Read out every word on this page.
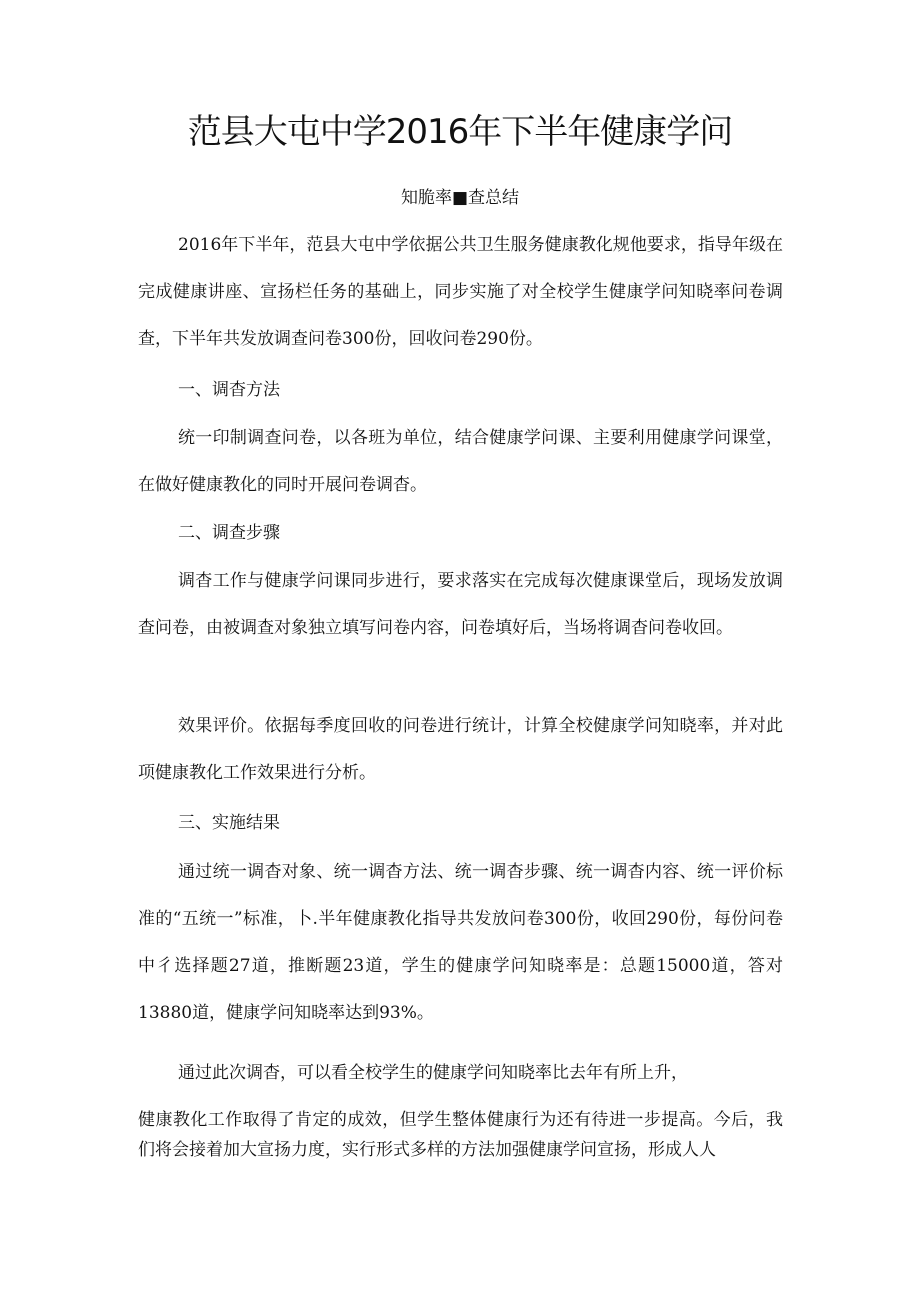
范县大屯中学2016年下半年健康学问
知脆率■查总结

2016年下半年，范县大屯中学依据公共卫生服务健康教化规他要求，指导年级在完成健康讲座、宣扬栏任务的基础上，同步实施了对全校学生健康学问知晓率问卷调查，下半年共发放调查问卷300份，回收问卷290份。

一、调杳方法

统一印制调查问卷，以各班为单位，结合健康学问课、主要利用健康学问课堂，在做好健康教化的同时开展问卷调杳。

二、调查步骤

调杳工作与健康学问课同步进行，要求落实在完成每次健康课堂后，现场发放调查问卷，由被调查对象独立填写问卷内容，问卷填好后，当场将调杳问卷收回。

效果评价。依据每季度回收的问卷进行统计，计算全校健康学问知晓率，并对此项健康教化工作效果进行分析。

三、实施结果

通过统一调杳对象、统一调杳方法、统一调杳步骤、统一调杳内容、统一评价标准的“五统一”标准，卜.半年健康教化指导共发放问卷300份，收回290份，每份问卷中彳选择题27道，推断题23道，学生的健康学问知晓率是：总题15000道，答对13880道，健康学问知晓率达到93%。

通过此次调杳，可以看全校学生的健康学问知晓率比去年有所上升，

健康教化工作取得了肯定的成效，但学生整体健康行为还有待进一步提高。今后，我们将会接着加大宣扬力度，实行形式多样的方法加强健康学问宣扬，形成人人
